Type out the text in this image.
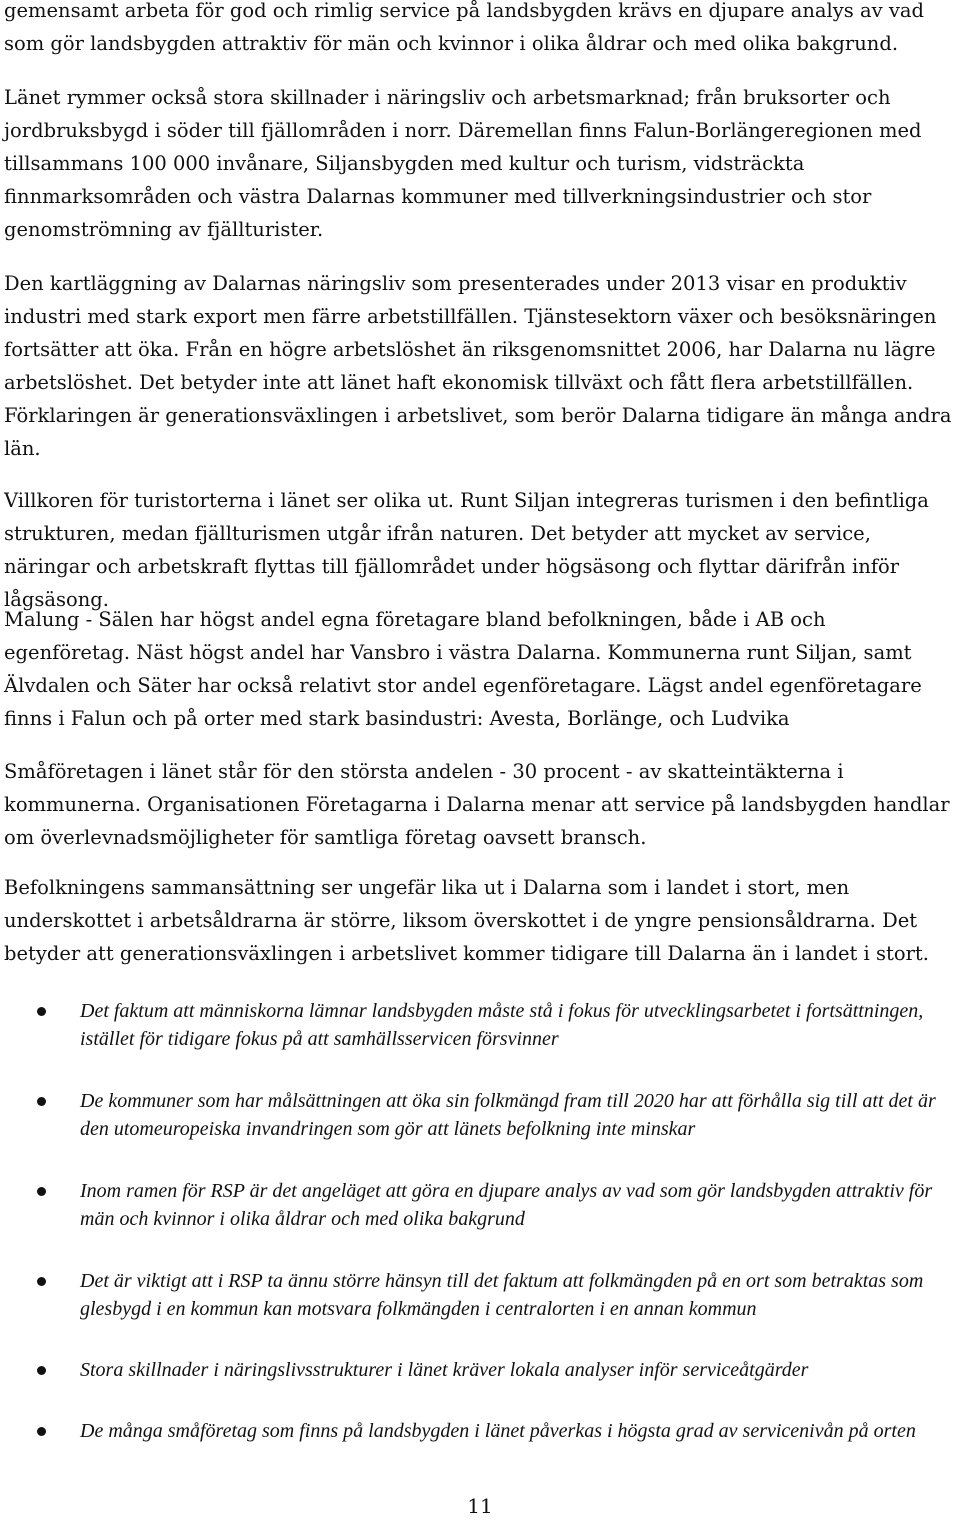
gemensamt arbeta för god och rimlig service på landsbygden krävs en djupare analys av vad som gör landsbygden attraktiv för män och kvinnor i olika åldrar och med olika bakgrund.

Länet rymmer också stora skillnader i näringsliv och arbetsmarknad; från bruksorter och jordbruksbygd i söder till fjällområden i norr. Däremellan finns Falun-Borlängeregionen med tillsammans 100 000 invånare, Siljansbygden med kultur och turism, vidsträckta finnmarksområden och västra Dalarnas kommuner med tillverkningsindustrier och stor genomströmning av fjällturister.

Den kartläggning av Dalarnas näringsliv som presenterades under 2013 visar en produktiv industri med stark export men färre arbetstillfällen. Tjänstesektorn växer och besöksnäringen fortsätter att öka. Från en högre arbetslöshet än riksgenomsnittet 2006, har Dalarna nu lägre arbetslöshet. Det betyder inte att länet haft ekonomisk tillväxt och fått flera arbetstillfällen. Förklaringen är generationsväxlingen i arbetslivet, som berör Dalarna tidigare än många andra län.

Villkoren för turistorterna i länet ser olika ut. Runt Siljan integreras turismen i den befintliga strukturen, medan fjällturismen utgår ifrån naturen. Det betyder att mycket av service, näringar och arbetskraft flyttas till fjällområdet under högsäsong och flyttar därifrån inför lågsäsong.

Malung - Sälen har högst andel egna företagare bland befolkningen, både i AB och egenföretag. Näst högst andel har Vansbro i västra Dalarna. Kommunerna runt Siljan, samt Älvdalen och Säter har också relativt stor andel egenföretagare. Lägst andel egenföretagare finns i Falun och på orter med stark basindustri: Avesta, Borlänge, och Ludvika

Småföretagen i länet står för den största andelen - 30 procent - av skatteintäkterna i kommunerna. Organisationen Företagarna i Dalarna menar att service på landsbygden handlar om överlevnadsmöjligheter för samtliga företag oavsett bransch.

Befolkningens sammansättning ser ungefär lika ut i Dalarna som i landet i stort, men underskottet i arbetsåldrarna är större, liksom överskottet i de yngre pensionsåldrarna. Det betyder att generationsväxlingen i arbetslivet kommer tidigare till Dalarna än i landet i stort.

Det faktum att människorna lämnar landsbygden måste stå i fokus för utvecklingsarbetet i fortsättningen, istället för tidigare fokus på att samhällsservicen försvinner

De kommuner som har målsättningen att öka sin folkmängd fram till 2020 har att förhålla sig till att det är den utomeuropeiska invandringen som gör att länets befolkning inte minskar

Inom ramen för RSP är det angeläget att göra en djupare analys av vad som gör landsbygden attraktiv för män och kvinnor i olika åldrar och med olika bakgrund

Det är viktigt att i RSP ta ännu större hänsyn till det faktum att folkmängden på en ort som betraktas som glesbygd i en kommun kan motsvara folkmängden i centralorten i en annan kommun

Stora skillnader i näringslivsstrukturer i länet kräver lokala analyser inför serviceåtgärder

De många småföretag som finns på landsbygden i länet påverkas i högsta grad av servicenivån på orten

11
